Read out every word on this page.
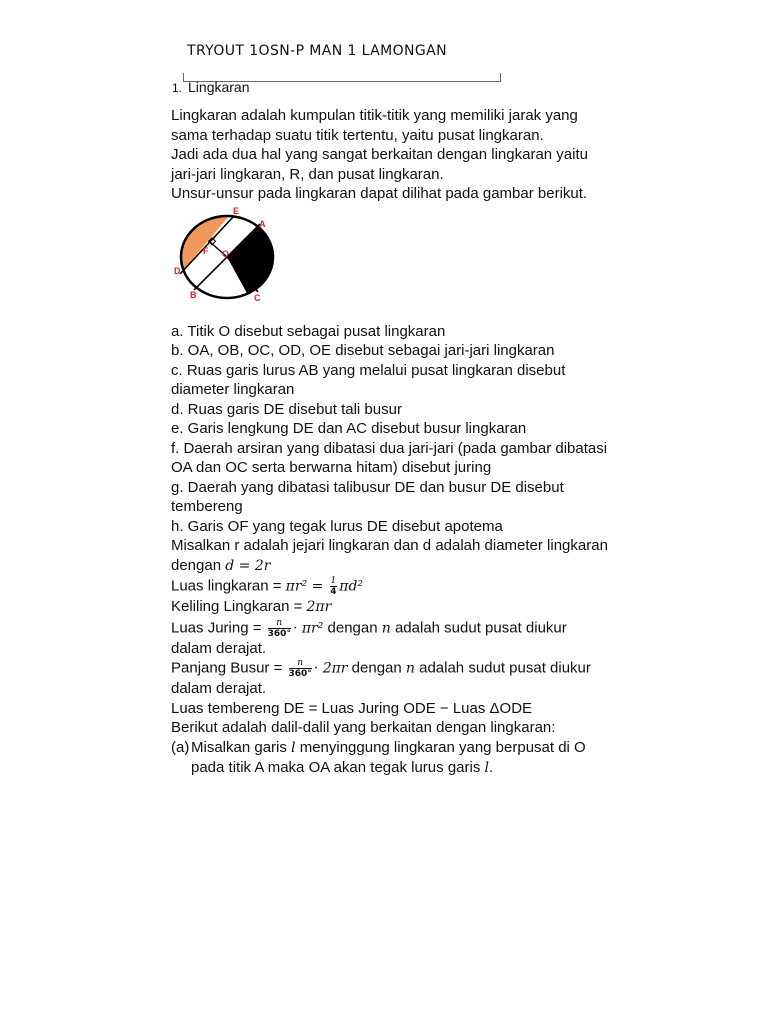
TRYOUT 1OSN-P MAN 1 LAMONGAN
1. Lingkaran

Lingkaran adalah kumpulan titik-titik yang memiliki jarak yang

sama terhadap suatu titik tertentu, yaitu pusat lingkaran.

Jadi ada dua hal yang sangat berkaitan dengan lingkaran yaitu

jari-jari lingkaran, R, dan pusat lingkaran.

Unsur-unsur pada lingkaran dapat dilihat pada gambar berikut.

a. Titik O disebut sebagai pusat lingkaran

b. OA, OB, OC, OD, OE disebut sebagai jari-jari lingkaran

c. Ruas garis lurus AB yang melalui pusat lingkaran disebut

diameter lingkaran

d. Ruas garis DE disebut tali busur

e. Garis lengkung DE dan AC disebut busur lingkaran

f. Daerah arsiran yang dibatasi dua jari-jari (pada gambar dibatasi

OA dan OC serta berwarna hitam) disebut juring

g. Daerah yang dibatasi talibusur DE dan busur DE disebut

tembereng

h. Garis OF yang tegak lurus DE disebut apotema

Misalkan r adalah jejari lingkaran dan d adalah diameter lingkaran

dengan d = 2r

Luas lingkaran = $\pi r^2 = \frac{1}{4} \pi d^2$

Keliling Lingkaran = 2πr

Luas Juring = $\frac{n}{360^\circ} \cdot \pi r^2$ dengan n adalah sudut pusat diukur

dalam derajat.

Panjang Busur = $\frac{n}{360^\circ} \cdot 2\pi r$ dengan n adalah sudut pusat diukur

dalam derajat.

Luas tembereng DE = Luas Juring ODE − Luas ΔODE

Berikut adalah dalil-dalil yang berkaitan dengan lingkaran:

(a) Misalkan garis l menyinggung lingkaran yang berpusat di O

pada titik A maka OA akan tegak lurus garis l.

E
A
O
F
D
B	C
